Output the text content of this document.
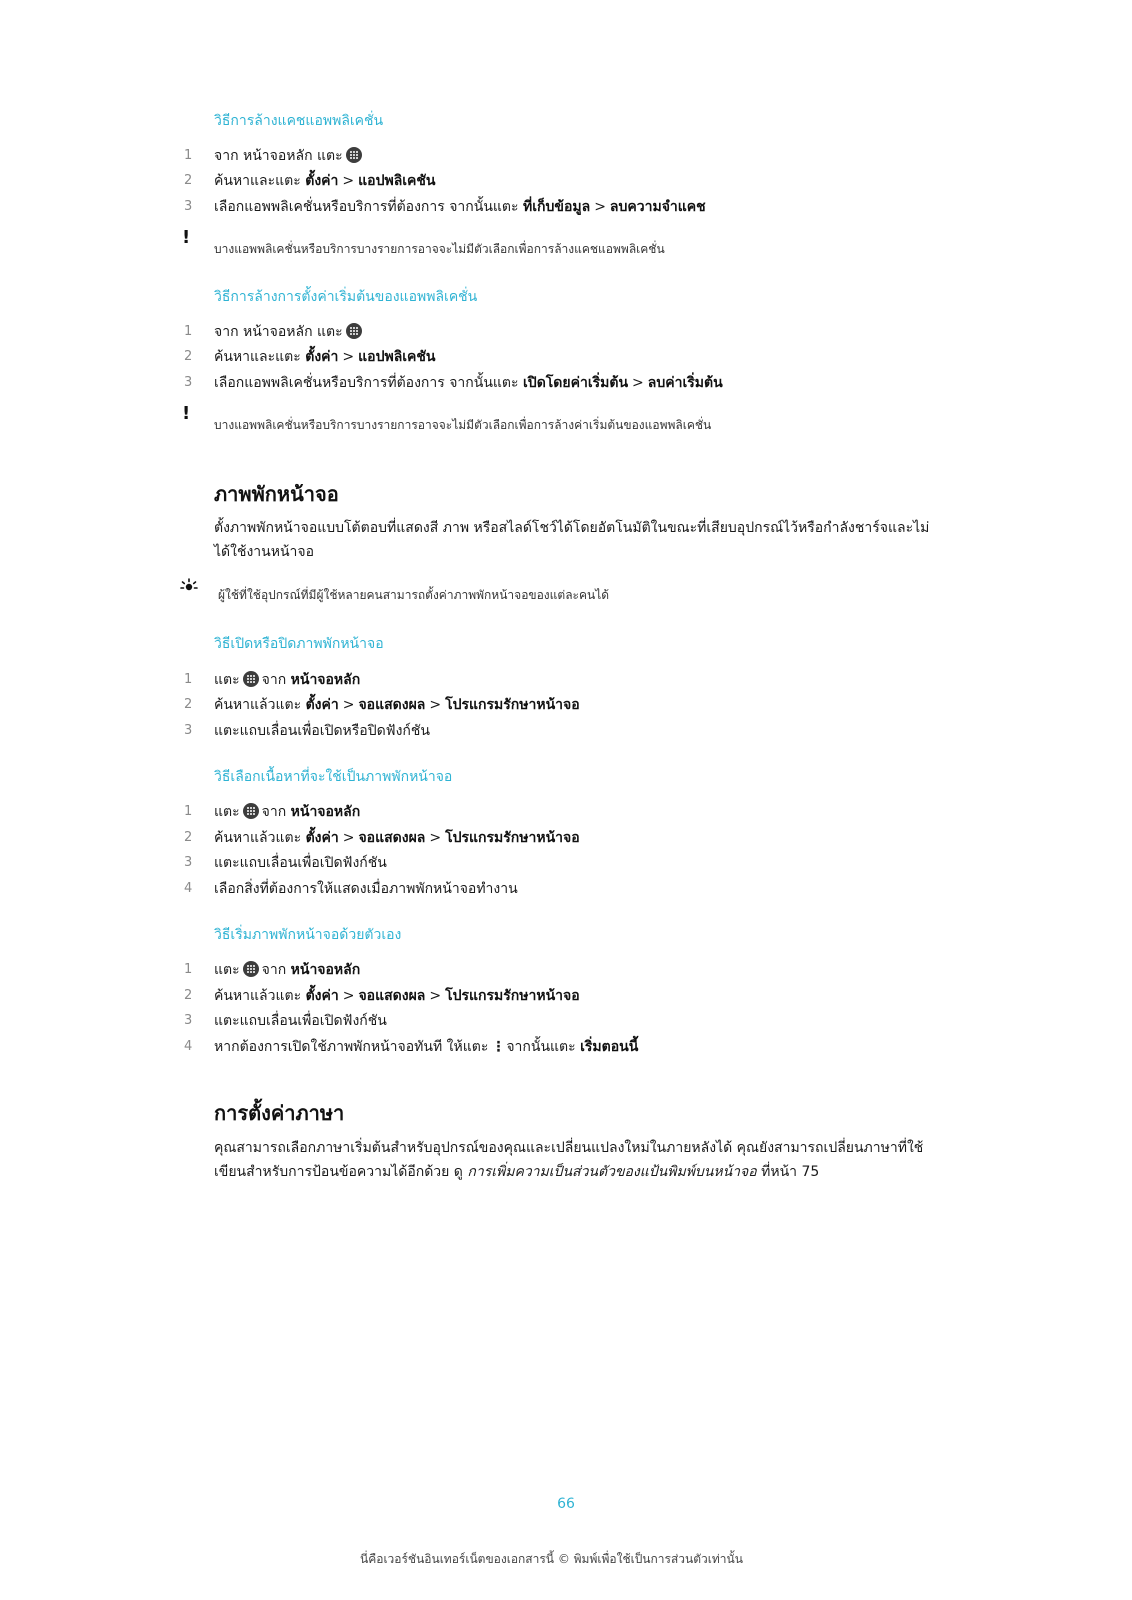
วิธีการล้างแคชแอพพลิเคชั่น
1	จาก หน้าจอหลัก แตะ
2	ค้นหาและแตะ ตั้งค่า > แอปพลิเคชัน
3	เลือกแอพพลิเคชั่นหรือบริการที่ต้องการ จากนั้นแตะ ที่เก็บข้อมูล > ลบความจำแคช
!
บางแอพพลิเคชั่นหรือบริการบางรายการอาจจะไม่มีตัวเลือกเพื่อการล้างแคชแอพพลิเคชั่น
วิธีการล้างการตั้งค่าเริ่มต้นของแอพพลิเคชั่น
1	จาก หน้าจอหลัก แตะ
2	ค้นหาและแตะ ตั้งค่า > แอปพลิเคชัน
3	เลือกแอพพลิเคชั่นหรือบริการที่ต้องการ จากนั้นแตะ เปิดโดยค่าเริ่มต้น > ลบค่าเริ่มต้น
!
บางแอพพลิเคชั่นหรือบริการบางรายการอาจจะไม่มีตัวเลือกเพื่อการล้างค่าเริ่มต้นของแอพพลิเคชั่น
ภาพพักหน้าจอ
ตั้งภาพพักหน้าจอแบบโต้ตอบที่แสดงสี ภาพ หรือสไลด์โชว์ได้โดยอัตโนมัติในขณะที่เสียบอุปกรณ์ไว้หรือกำลังชาร์จและไม่ได้ใช้งานหน้าจอ
ผู้ใช้ที่ใช้อุปกรณ์ที่มีผู้ใช้หลายคนสามารถตั้งค่าภาพพักหน้าจอของแต่ละคนได้
วิธีเปิดหรือปิดภาพพักหน้าจอ
1	แตะ จาก หน้าจอหลัก
2	ค้นหาแล้วแตะ ตั้งค่า > จอแสดงผล > โปรแกรมรักษาหน้าจอ
3	แตะแถบเลื่อนเพื่อเปิดหรือปิดฟังก์ชัน
วิธีเลือกเนื้อหาที่จะใช้เป็นภาพพักหน้าจอ
1	แตะ จาก หน้าจอหลัก
2	ค้นหาแล้วแตะ ตั้งค่า > จอแสดงผล > โปรแกรมรักษาหน้าจอ
3	แตะแถบเลื่อนเพื่อเปิดฟังก์ชัน
4	เลือกสิ่งที่ต้องการให้แสดงเมื่อภาพพักหน้าจอทำงาน
วิธีเริ่มภาพพักหน้าจอด้วยตัวเอง
1	แตะ จาก หน้าจอหลัก
2	ค้นหาแล้วแตะ ตั้งค่า > จอแสดงผล > โปรแกรมรักษาหน้าจอ
3	แตะแถบเลื่อนเพื่อเปิดฟังก์ชัน
4	หากต้องการเปิดใช้ภาพพักหน้าจอทันที ให้แตะ ⋮จากนั้นแตะ เริ่มตอนนี้
การตั้งค่าภาษา
คุณสามารถเลือกภาษาเริ่มต้นสำหรับอุปกรณ์ของคุณและเปลี่ยนแปลงใหม่ในภายหลังได้ คุณยังสามารถเปลี่ยนภาษาที่ใช้เขียนสำหรับการป้อนข้อความได้อีกด้วย ดู การเพิ่มความเป็นส่วนตัวของแป้นพิมพ์บนหน้าจอ ที่หน้า 75
66
นี่คือเวอร์ชันอินเทอร์เน็ตของเอกสารนี้ © พิมพ์เพื่อใช้เป็นการส่วนตัวเท่านั้น
